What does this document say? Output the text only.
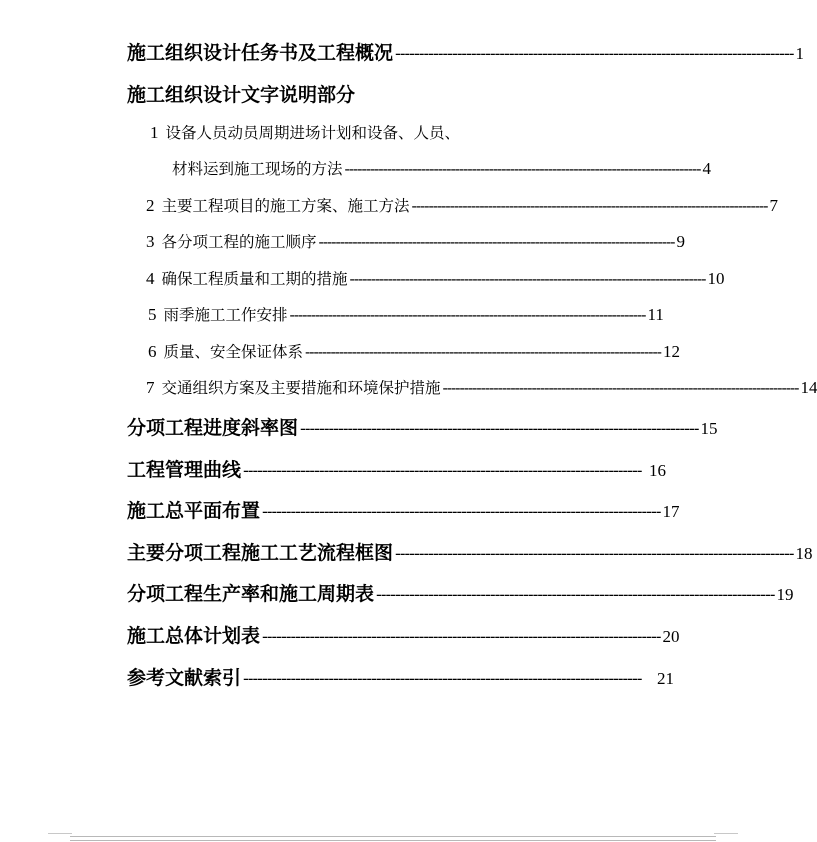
施工组织设计任务书及工程概况 ------------------------------------------------------------------------------------ 1
施工组织设计文字说明部分
1 设备人员动员周期进场计划和设备、人员、
材料运到施工现场的方法 ------------------------------------------------------------------------------------ 4
2 主要工程项目的施工方案、施工方法 ------------------------------------------------------------------------------------ 7
3 各分项工程的施工顺序 ------------------------------------------------------------------------------------ 9
4 确保工程质量和工期的措施 ------------------------------------------------------------------------------------ 10
5 雨季施工工作安排 ------------------------------------------------------------------------------------ 11
6 质量、安全保证体系 ------------------------------------------------------------------------------------ 12
7 交通组织方案及主要措施和环境保护措施 ------------------------------------------------------------------------------------ 14
分项工程进度斜率图 ------------------------------------------------------------------------------------ 15
工程管理曲线 ------------------------------------------------------------------------------------ 16
施工总平面布置 ------------------------------------------------------------------------------------ 17
主要分项工程施工工艺流程框图 ------------------------------------------------------------------------------------ 18
分项工程生产率和施工周期表 ------------------------------------------------------------------------------------ 19
施工总体计划表 ------------------------------------------------------------------------------------ 20
参考文献索引 ------------------------------------------------------------------------------------ 21
